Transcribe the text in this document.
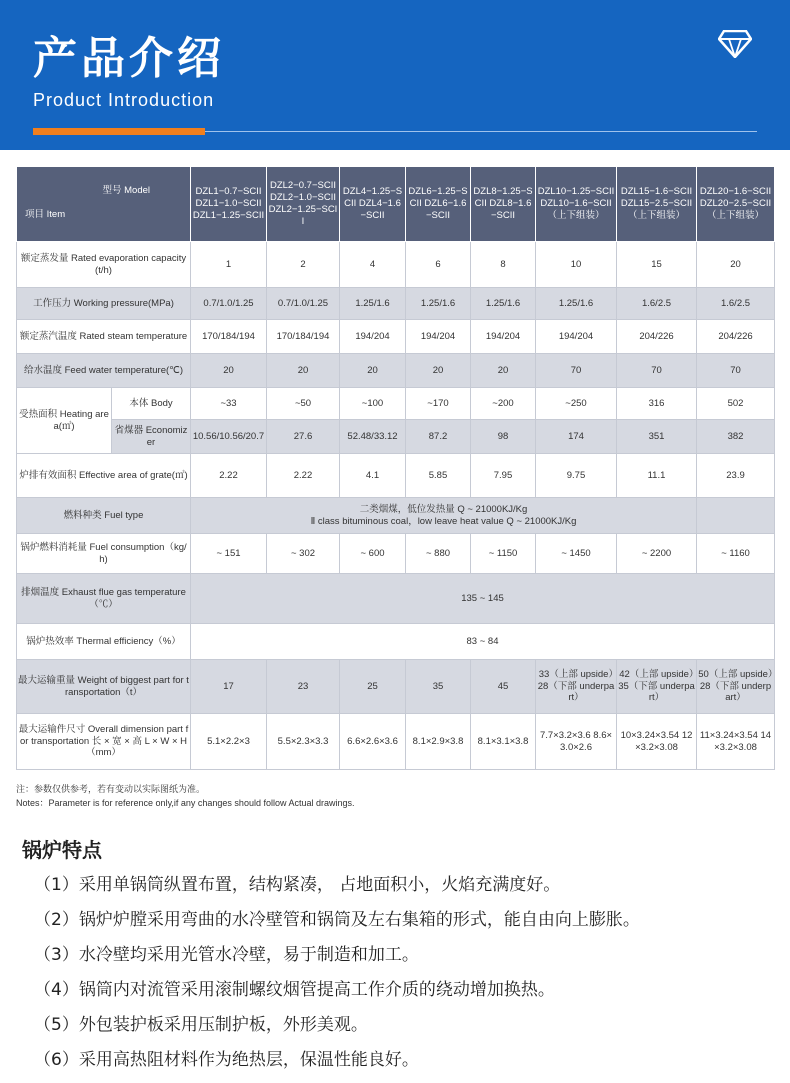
产品介绍
Product Introduction
型号 Model
项目 Item		DZL1−0.7−SCII DZL1−1.0−SCII DZL1−1.25−SCII	DZL2−0.7−SCII DZL2−1.0−SCII DZL2−1.25−SCII	DZL4−1.25−SCII DZL4−1.6−SCII	DZL6−1.25−SCII DZL6−1.6−SCII	DZL8−1.25−SCII DZL8−1.6−SCII	DZL10−1.25−SCII DZL10−1.6−SCII（上下组装）	DZL15−1.6−SCII DZL15−2.5−SCII（上下组装）	DZL20−1.6−SCII DZL20−2.5−SCII（上下组装）
额定蒸发量 Rated evaporation capacity (t/h)		1	2	4	6	8	10	15	20
工作压力 Working pressure(MPa)		0.7/1.0/1.25	0.7/1.0/1.25	1.25/1.6	1.25/1.6	1.25/1.6	1.25/1.6	1.6/2.5	1.6/2.5
额定蒸汽温度 Rated steam temperature		170/184/194	170/184/194	194/204	194/204	194/204	194/204	204/226	204/226
给水温度 Feed water temperature(℃)		20	20	20	20	20	70	70	70
受热面积 Heating area(㎡)	本体 Body	~33	~50	~100	~170	~200	~250	316	502
	省煤器 Economizer	10.56/10.56/20.7	27.6	52.48/33.12	87.2	98	174	351	382
炉排有效面积 Effective area of grate(㎡)		2.22	2.22	4.1	5.85	7.95	9.75	11.1	23.9
燃料种类 Fuel type		二类烟煤，低位发热量 Q ~ 21000KJ/Kg
Ⅱ class bituminous coal，low leave heat value Q ~ 21000KJ/Kg							

锅炉燃料消耗量 Fuel consumption（kg/h)		~ 151	~ 302	~ 600	~ 880	~ 1150	~ 1450	~ 2200	~ 1160
排烟温度 Exhaust flue gas temperature（℃）		135 ~ 145							
锅炉热效率 Thermal efficiency（%）		83 ~ 84							
最大运输重量 Weight of biggest part for transportation（t）		17	23	25	35	45	33（上部 upside）28（下部 underpart）	42（上部 upside）35（下部 underpart）	50（上部 upside）28（下部 underpart）
最大运输件尺寸 Overall dimension part for transportation 长 × 宽 × 高 L × W × H（mm）		5.1×2.2×3	5.5×2.3×3.3	6.6×2.6×3.6	8.1×2.9×3.8	8.1×3.1×3.8	7.7×3.2×3.6 8.6×3.0×2.6	10×3.24×3.54 12×3.2×3.08	11×3.24×3.54 14×3.2×3.08
注：参数仅供参考，若有变动以实际图纸为准。
Notes：Parameter is for reference only,if any changes should follow Actual drawings.
锅炉特点
（1）采用单锅筒纵置布置，结构紧凑， 占地面积小，火焰充满度好。
（2）锅炉炉膛采用弯曲的水冷壁管和锅筒及左右集箱的形式，能自由向上膨胀。
（3）水冷壁均采用光管水冷壁，易于制造和加工。
（4）锅筒内对流管采用滚制螺纹烟管提高工作介质的绕动增加换热。
（5）外包装护板采用压制护板，外形美观。
（6）采用高热阻材料作为绝热层，保温性能良好。
